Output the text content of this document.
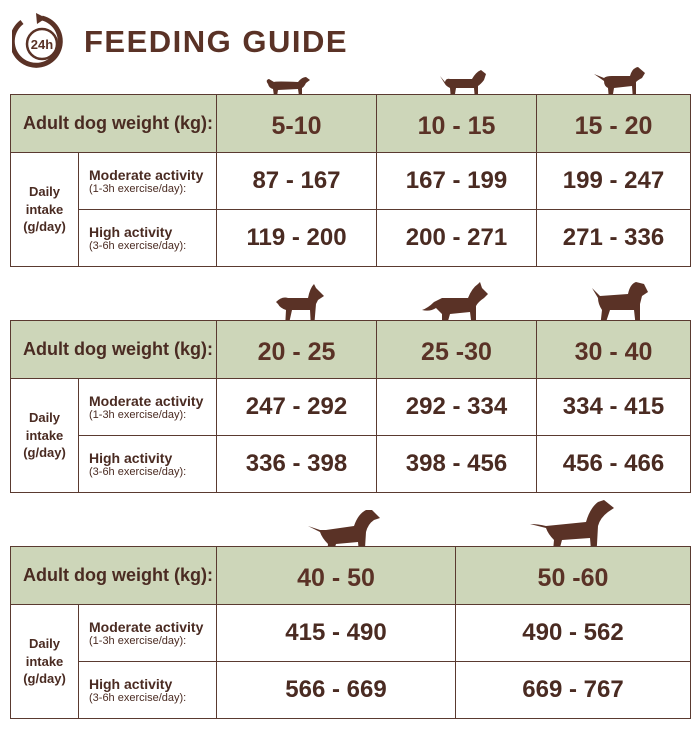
24h FEEDING GUIDE
Adult dog weight (kg):		5-10	10 - 15	15 - 20
Daily
intake
(g/day)	Moderate activity
(1-3h exercise/day):	87 - 167	167 - 199	199 - 247

	High activity
(3-6h exercise/day):	119 - 200	200 - 271	271 - 336
Adult dog weight (kg):		20 - 25	25 -30	30 - 40
Daily
intake
(g/day)	Moderate activity
(1-3h exercise/day):	247 - 292	292 - 334	334 - 415

	High activity
(3-6h exercise/day):	336 - 398	398 - 456	456 - 466
Adult dog weight (kg):		40 - 50	50 -60
Daily
intake
(g/day)	Moderate activity
(1-3h exercise/day):	415 - 490	490 - 562

	High activity
(3-6h exercise/day):	566 - 669	669 - 767
